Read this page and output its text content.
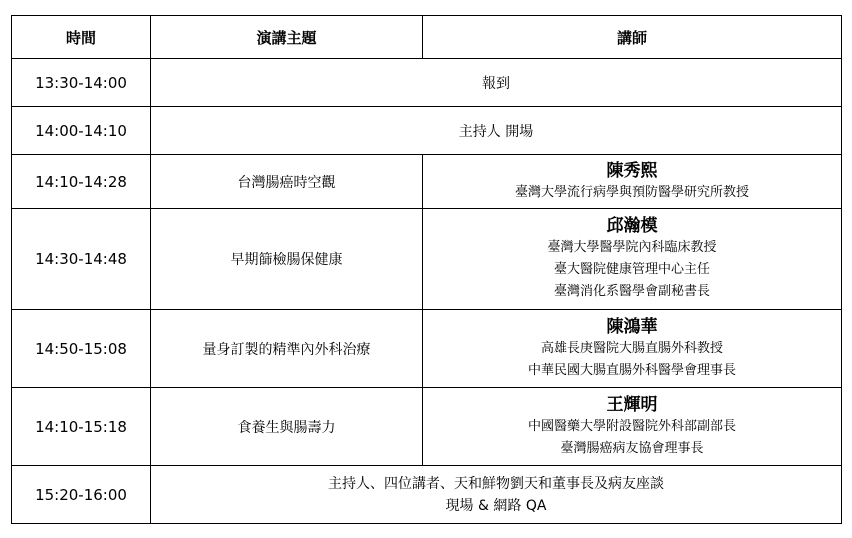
時間	演講主題	講師
13:30-14:00	報到	
14:00-14:10	主持人 開場	
14:10-14:28	台灣腸癌時空觀	陳秀熙
臺灣大學流行病學與預防醫學研究所教授

14:30-14:48	早期篩檢腸保健康	邱瀚模
臺灣大學醫學院內科臨床教授
臺大醫院健康管理中心主任
臺灣消化系醫學會副秘書長

14:50-15:08	量身訂製的精準內外科治療	陳鴻華
高雄長庚醫院大腸直腸外科教授
中華民國大腸直腸外科醫學會理事長

14:10-15:18	食養生與腸壽力	王輝明
中國醫藥大學附設醫院外科部副部長
臺灣腸癌病友協會理事長

15:20-16:00	主持人、四位講者、天和鮮物劉天和董事長及病友座談
現場 & 網路 QA	
